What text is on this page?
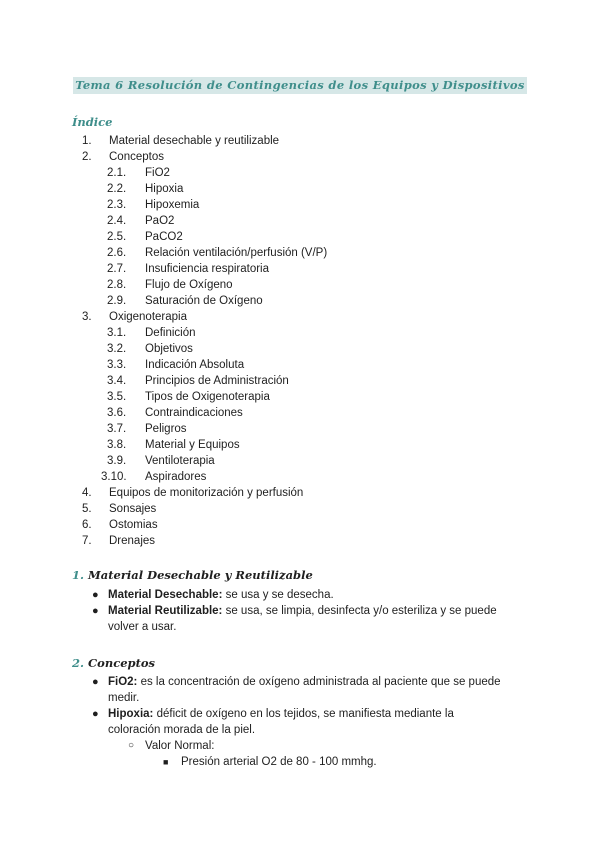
Tema 6 Resolución de Contingencias de los Equipos y Dispositivos
Índice
1. Material desechable y reutilizable
2. Conceptos
2.1. FiO2
2.2. Hipoxia
2.3. Hipoxemia
2.4. PaO2
2.5. PaCO2
2.6. Relación ventilación/perfusión (V/P)
2.7. Insuficiencia respiratoria
2.8. Flujo de Oxígeno
2.9. Saturación de Oxígeno
3. Oxigenoterapia
3.1. Definición
3.2. Objetivos
3.3. Indicación Absoluta
3.4. Principios de Administración
3.5. Tipos de Oxigenoterapia
3.6. Contraindicaciones
3.7. Peligros
3.8. Material y Equipos
3.9. Ventiloterapia
3.10. Aspiradores
4. Equipos de monitorización y perfusión
5. Sonsajes
6. Ostomias
7. Drenajes
1. Material Desechable y Reutilizable
● Material Desechable: se usa y se desecha.
● Material Reutilizable: se usa, se limpia, desinfecta y/o esteriliza y se puede
volver a usar.
2. Conceptos
● FiO2: es la concentración de oxígeno administrada al paciente que se puede
medir.
● Hipoxia: déficit de oxígeno en los tejidos, se manifiesta mediante la
coloración morada de la piel.
○ Valor Normal:
■ Presión arterial O2 de 80 - 100 mmhg.
